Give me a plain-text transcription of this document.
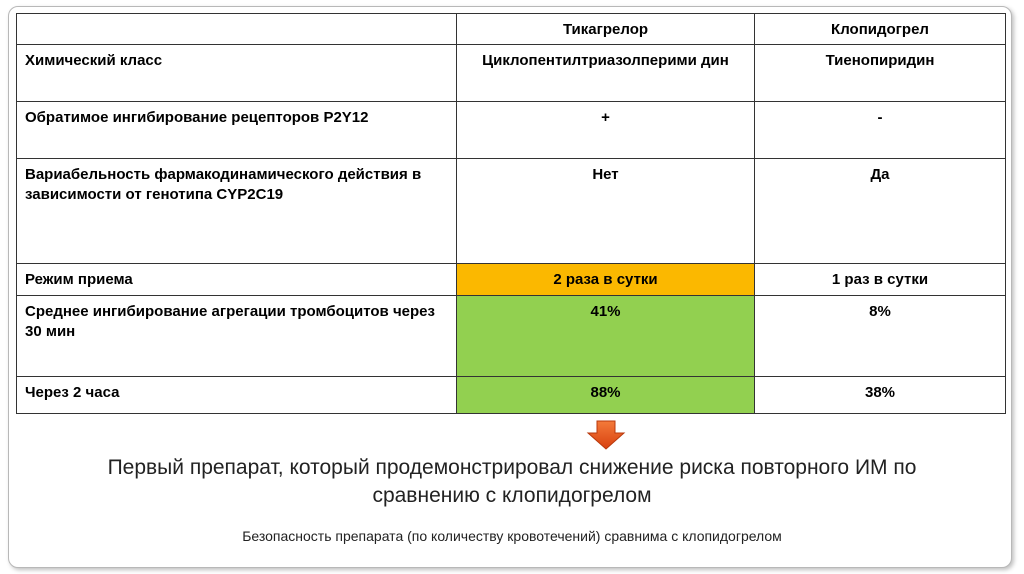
	Тикагрелор	Клопидогрел
Химический класс	Циклопентилтриазолперими дин	Тиенопиридин
Обратимое ингибирование рецепторов P2Y12	+	-
Вариабельность фармакодинамического действия в зависимости от генотипа CYP2C19	Нет	Да
Режим приема	2 раза в сутки	1 раз в сутки
Среднее ингибирование агрегации тромбоцитов через 30 мин	41%	8%
Через 2 часа	88%	38%
Первый препарат, который продемонстрировал снижение риска повторного ИМ по сравнению с клопидогрелом
Безопасность препарата (по количеству кровотечений) сравнима с клопидогрелом
